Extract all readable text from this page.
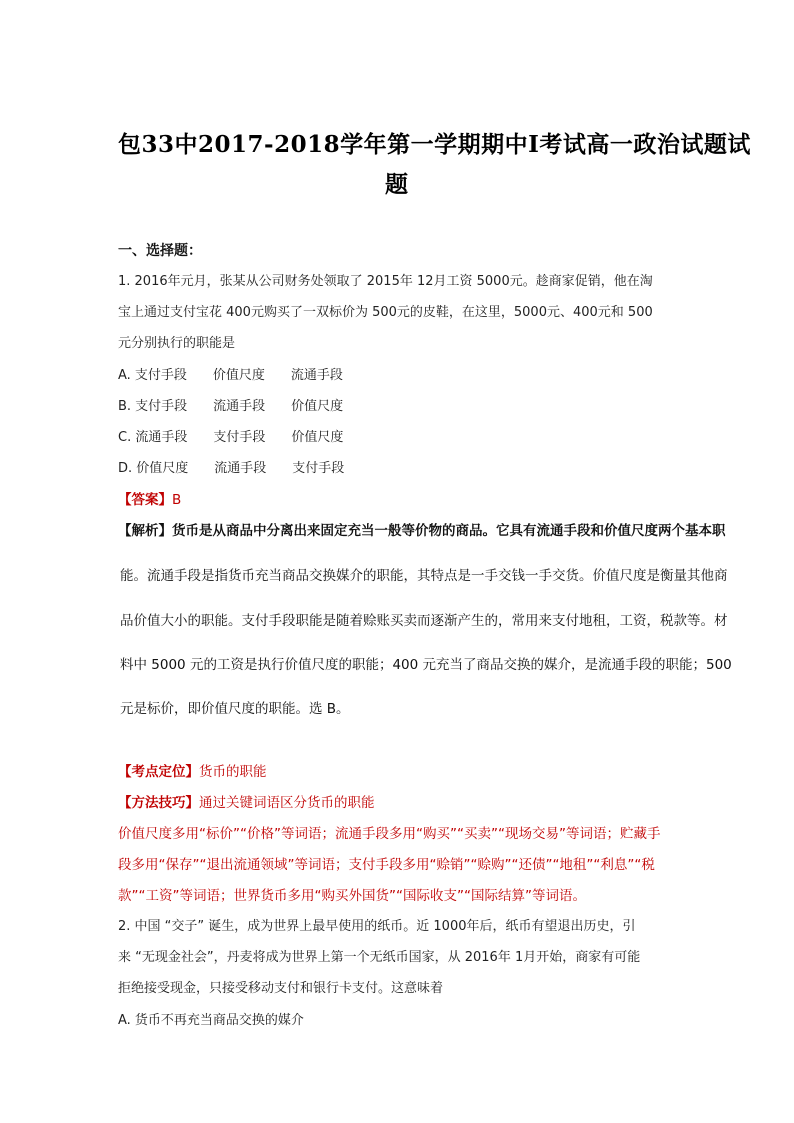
包33中2017-2018学年第一学期期中Ⅰ考试高一政治试题试
题
一、选择题：
1. 2016年元月，张某从公司财务处领取了 2015年 12月工资 5000元。趁商家促销，他在淘
宝上通过支付宝花 400元购买了一双标价为 500元的皮鞋，在这里，5000元、400元和 500
元分别执行的职能是
A. 支付手段　　价值尺度　　流通手段
B. 支付手段　　流通手段　　价值尺度
C. 流通手段　　支付手段　　价值尺度
D. 价值尺度　　流通手段　　支付手段
【答案】B
【解析】货币是从商品中分离出来固定充当一般等价物的商品。它具有流通手段和价值尺度两个基本职
能。流通手段是指货币充当商品交换媒介的职能，其特点是一手交钱一手交货。价值尺度是衡量其他商
品价值大小的职能。支付手段职能是随着赊账买卖而逐渐产生的，常用来支付地租，工资，税款等。材
料中 5000 元的工资是执行价值尺度的职能；400 元充当了商品交换的媒介，是流通手段的职能；500
元是标价，即价值尺度的职能。选 B。
【考点定位】货币的职能
【方法技巧】通过关键词语区分货币的职能
价值尺度多用“标价”“价格”等词语；流通手段多用“购买”“买卖”“现场交易”等词语；贮藏手
段多用“保存”“退出流通领域”等词语；支付手段多用“赊销”“赊购”“还债”“地租”“利息”“税
款”“工资”等词语；世界货币多用“购买外国货”“国际收支”“国际结算”等词语。
2. 中国 “交子” 诞生，成为世界上最早使用的纸币。近 1000年后，纸币有望退出历史，引
来 “无现金社会”，丹麦将成为世界上第一个无纸币国家，从 2016年 1月开始，商家有可能
拒绝接受现金，只接受移动支付和银行卡支付。这意味着
A. 货币不再充当商品交换的媒介
